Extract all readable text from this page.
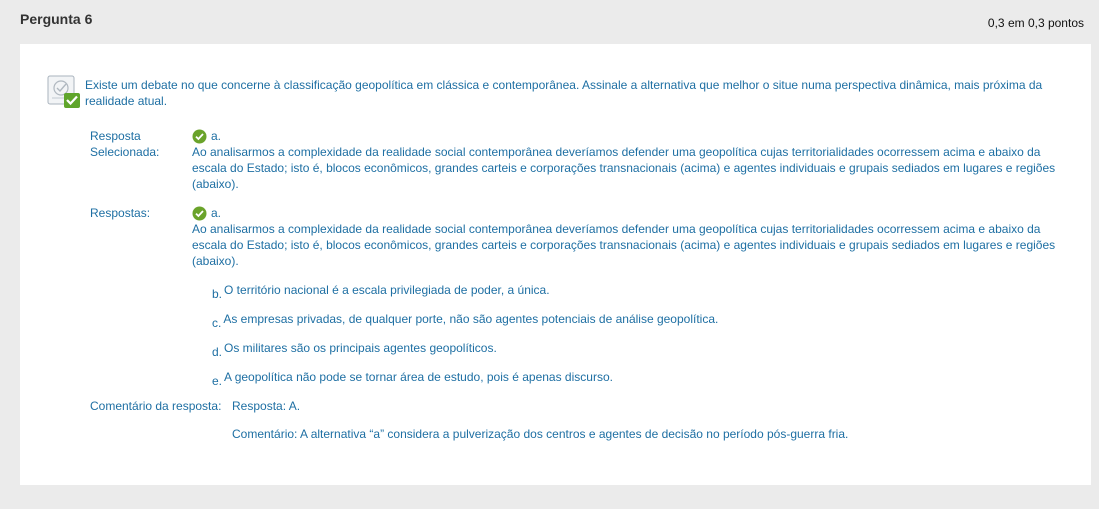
Pergunta 6	0,3 em 0,3 pontos
Existe um debate no que concerne à classificação geopolítica em clássica e contemporânea. Assinale a alternativa que melhor o situe numa perspectiva dinâmica, mais próxima da realidade atual.
Resposta
Selecionada:
a.
Ao analisarmos a complexidade da realidade social contemporânea deveríamos defender uma geopolítica cujas territorialidades ocorressem acima e abaixo da escala do Estado; isto é, blocos econômicos, grandes carteis e corporações transnacionais (acima) e agentes individuais e grupais sediados em lugares e regiões (abaixo).
Respostas:	a.
Ao analisarmos a complexidade da realidade social contemporânea deveríamos defender uma geopolítica cujas territorialidades ocorressem acima e abaixo da escala do Estado; isto é, blocos econômicos, grandes carteis e corporações transnacionais (acima) e agentes individuais e grupais sediados em lugares e regiões (abaixo).
b. O território nacional é a escala privilegiada de poder, a única.
c. As empresas privadas, de qualquer porte, não são agentes potenciais de análise geopolítica.
d. Os militares são os principais agentes geopolíticos.
e. A geopolítica não pode se tornar área de estudo, pois é apenas discurso.
Comentário da resposta: Resposta: A.
Comentário: A alternativa “a” considera a pulverização dos centros e agentes de decisão no período pós-guerra fria.
